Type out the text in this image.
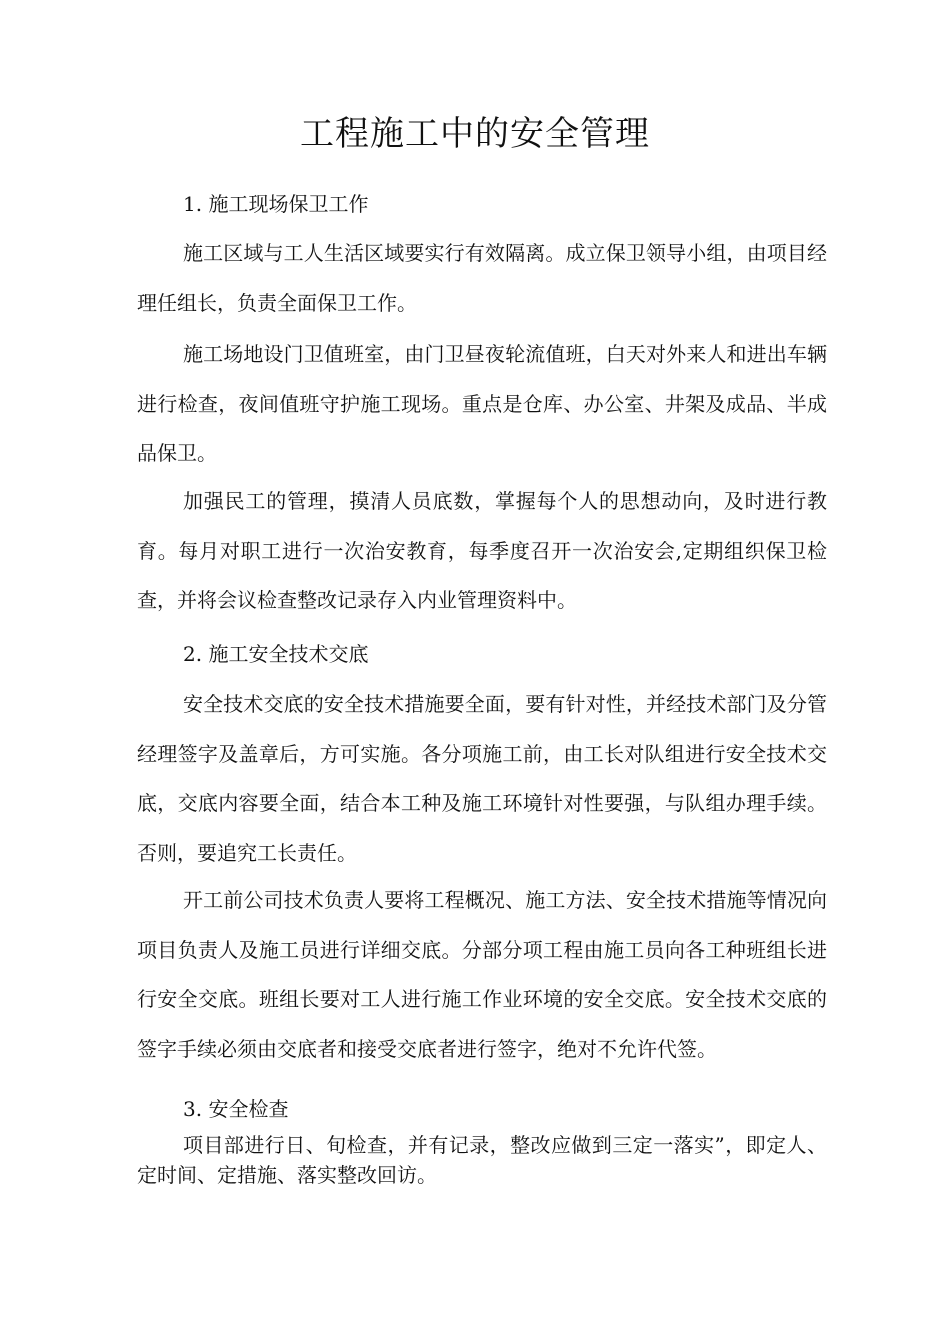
工程施工中的安全管理

1. 施工现场保卫工作

施工区域与工人生活区域要实行有效隔离。成立保卫领导小组，由项目经理任组长，负责全面保卫工作。

施工场地设门卫值班室，由门卫昼夜轮流值班，白天对外来人和进出车辆进行检查，夜间值班守护施工现场。重点是仓库、办公室、井架及成品、半成品保卫。

加强民工的管理，摸清人员底数，掌握每个人的思想动向，及时进行教育。每月对职工进行一次治安教育，每季度召开一次治安会,定期组织保卫检查，并将会议检查整改记录存入内业管理资料中。

2. 施工安全技术交底

安全技术交底的安全技术措施要全面，要有针对性，并经技术部门及分管经理签字及盖章后，方可实施。各分项施工前，由工长对队组进行安全技术交底，交底内容要全面，结合本工种及施工环境针对性要强，与队组办理手续。否则，要追究工长责任。

开工前公司技术负责人要将工程概况、施工方法、安全技术措施等情况向项目负责人及施工员进行详细交底。分部分项工程由施工员向各工种班组长进行安全交底。班组长要对工人进行施工作业环境的安全交底。安全技术交底的签字手续必须由交底者和接受交底者进行签字，绝对不允许代签。

3. 安全检查

项目部进行日、旬检查，并有记录，整改应做到三定一落实”，即定人、定时间、定措施、落实整改回访。
